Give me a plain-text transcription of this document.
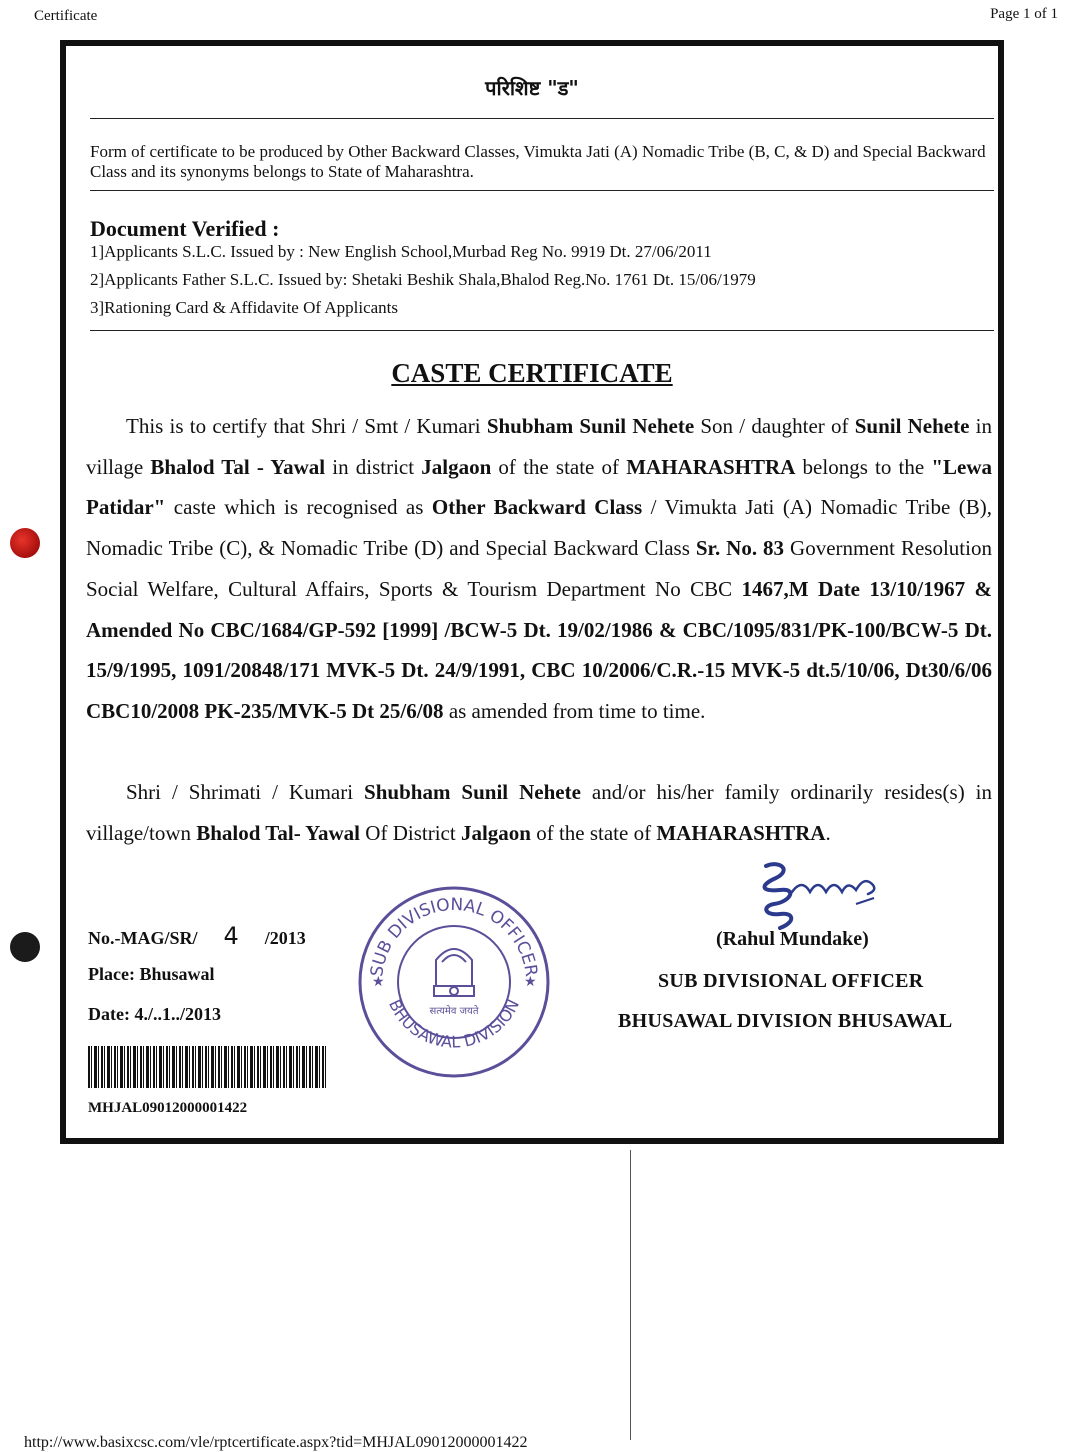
Certificate	Page 1 of 1
http://www.basixcsc.com/vle/rptcertificate.aspx?tid=MHJAL09012000001422
परिशिष्ट "ड"
Form of certificate to be produced by Other Backward Classes, Vimukta Jati (A) Nomadic Tribe (B, C, & D) and Special Backward Class and its synonyms belongs to State of Maharashtra.
Document Verified :
1]Applicants S.L.C. Issued by : New English School,Murbad Reg No. 9919 Dt. 27/06/2011
2]Applicants Father S.L.C. Issued by: Shetaki Beshik Shala,Bhalod Reg.No. 1761 Dt. 15/06/1979
3]Rationing Card & Affidavite Of Applicants
CASTE CERTIFICATE
This is to certify that Shri / Smt / Kumari Shubham Sunil Nehete Son / daughter of Sunil Nehete in village Bhalod Tal - Yawal in district Jalgaon of the state of MAHARASHTRA belongs to the "Lewa Patidar" caste which is recognised as Other Backward Class / Vimukta Jati (A) Nomadic Tribe (B), Nomadic Tribe (C), & Nomadic Tribe (D) and Special Backward Class Sr. No. 83 Government Resolution Social Welfare, Cultural Affairs, Sports & Tourism Department No CBC 1467,M Date 13/10/1967 & Amended No CBC/1684/GP-592 [1999] /BCW-5 Dt. 19/02/1986 & CBC/1095/831/PK-100/BCW-5 Dt. 15/9/1995, 1091/20848/171 MVK-5 Dt. 24/9/1991, CBC 10/2006/C.R.-15 MVK-5 dt.5/10/06, Dt30/6/06 CBC10/2008 PK-235/MVK-5 Dt 25/6/08 as amended from time to time.
Shri / Shrimati / Kumari Shubham Sunil Nehete and/or his/her family ordinarily resides(s) in village/town Bhalod Tal- Yawal Of District Jalgaon of the state of MAHARASHTRA.
No.-MAG/SR/ 4 /2013
Place: Bhusawal
Date: 4./..1../2013
MHJAL09012000001422
SUB DIVISIONAL OFFICER
BHUSAWAL DIVISION
सत्यमेव जयते
★	★
(Rahul Mundake)
SUB DIVISIONAL OFFICER
BHUSAWAL DIVISION BHUSAWAL
